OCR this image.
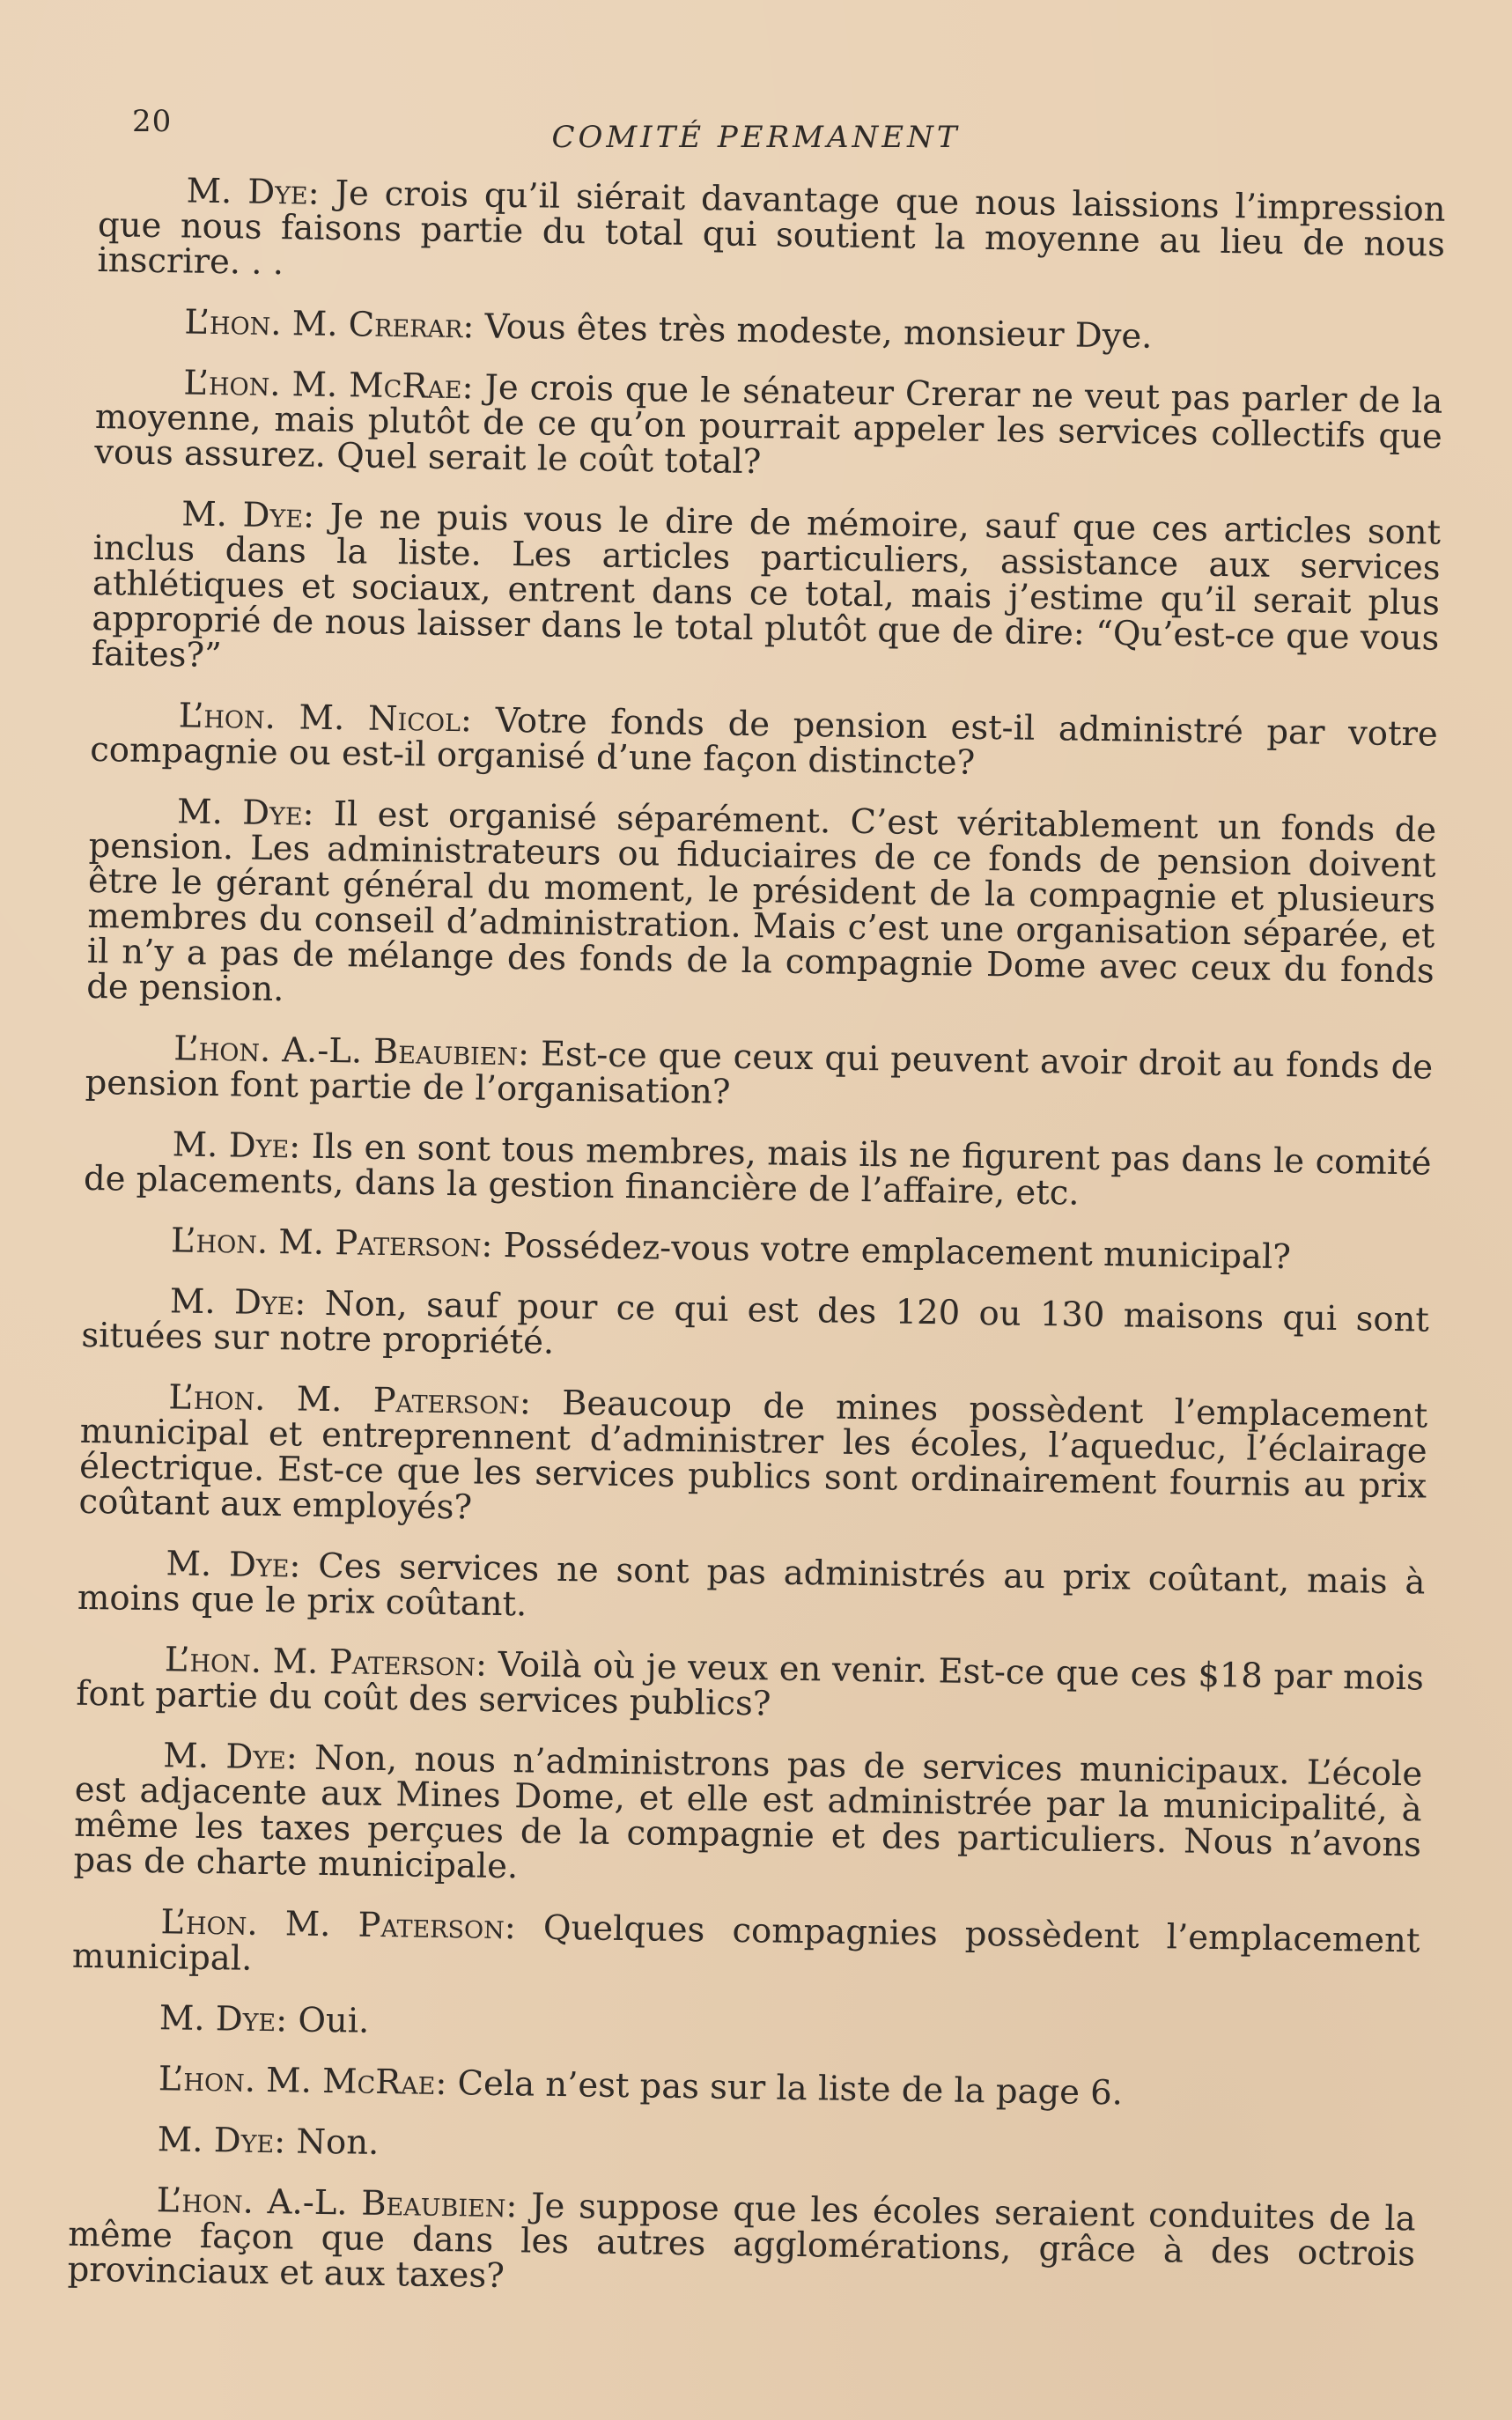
20	COMITÉ PERMANENT

M. Dye: Je crois qu’il siérait davantage que nous laissions l’impression que nous faisons partie du total qui soutient la moyenne au lieu de nous inscrire. . .

L’hon. M. Crerar: Vous êtes très modeste, monsieur Dye.

L’hon. M. McRae: Je crois que le sénateur Crerar ne veut pas parler de la moyenne, mais plutôt de ce qu’on pourrait appeler les services collectifs que vous assurez. Quel serait le coût total?

M. Dye: Je ne puis vous le dire de mémoire, sauf que ces articles sont inclus dans la liste. Les articles particuliers, assistance aux services athlétiques et sociaux, entrent dans ce total, mais j’estime qu’il serait plus approprié de nous laisser dans le total plutôt que de dire: “Qu’est-ce que vous faites?”

L’hon. M. Nicol: Votre fonds de pension est-il administré par votre compagnie ou est-il organisé d’une façon distincte?

M. Dye: Il est organisé séparément. C’est véritablement un fonds de pension. Les administrateurs ou fiduciaires de ce fonds de pension doivent être le gérant général du moment, le président de la compagnie et plusieurs membres du conseil d’administration. Mais c’est une organisation séparée, et il n’y a pas de mélange des fonds de la compagnie Dome avec ceux du fonds de pension.

L’hon. A.-L. Beaubien: Est-ce que ceux qui peuvent avoir droit au fonds de pension font partie de l’organisation?

M. Dye: Ils en sont tous membres, mais ils ne figurent pas dans le comité de placements, dans la gestion financière de l’affaire, etc.

L’hon. M. Paterson: Possédez-vous votre emplacement municipal?

M. Dye: Non, sauf pour ce qui est des 120 ou 130 maisons qui sont situées sur notre propriété.

L’hon. M. Paterson: Beaucoup de mines possèdent l’emplacement municipal et entreprennent d’administrer les écoles, l’aqueduc, l’éclairage électrique. Est-ce que les services publics sont ordinairement fournis au prix coûtant aux employés?

M. Dye: Ces services ne sont pas administrés au prix coûtant, mais à moins que le prix coûtant.

L’hon. M. Paterson: Voilà où je veux en venir. Est-ce que ces $18 par mois font partie du coût des services publics?

M. Dye: Non, nous n’administrons pas de services municipaux. L’école est adjacente aux Mines Dome, et elle est administrée par la municipalité, à même les taxes perçues de la compagnie et des particuliers. Nous n’avons pas de charte municipale.

L’hon. M. Paterson: Quelques compagnies possèdent l’emplacement municipal.

M. Dye: Oui.

L’hon. M. McRae: Cela n’est pas sur la liste de la page 6.

M. Dye: Non.

L’hon. A.-L. Beaubien: Je suppose que les écoles seraient conduites de la même façon que dans les autres agglomérations, grâce à des octrois provinciaux et aux taxes?
